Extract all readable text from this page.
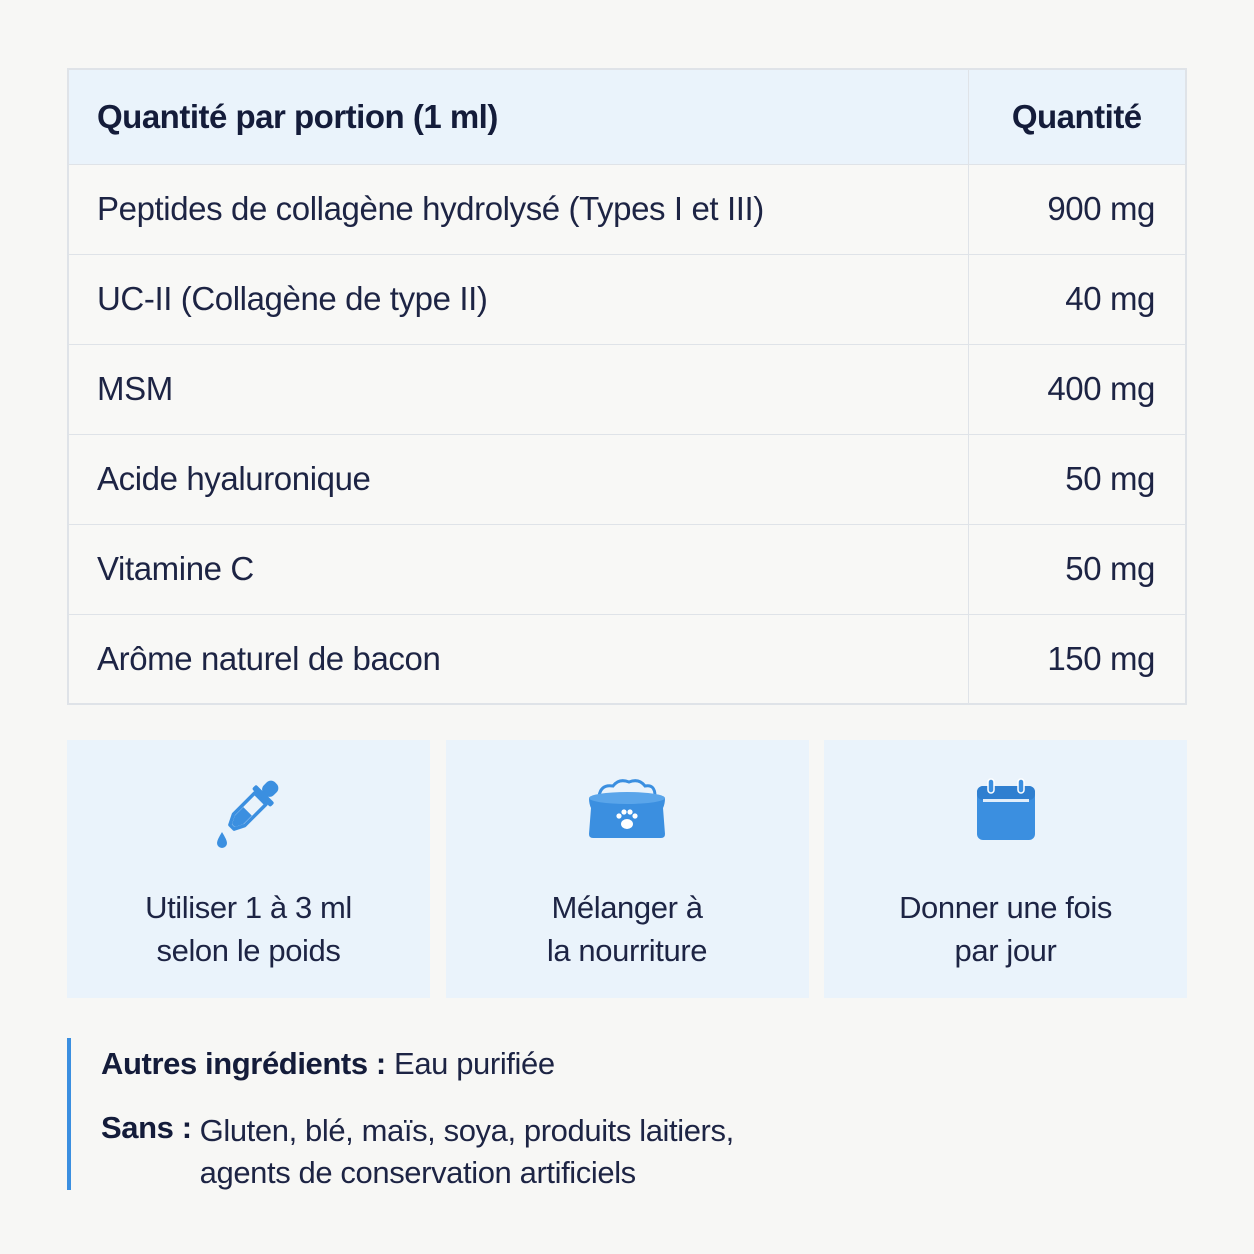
Quantité par portion (1 ml)	Quantité
Peptides de collagène hydrolysé (Types I et III)	900 mg
UC-II (Collagène de type II)	40 mg
MSM	400 mg
Acide hyaluronique	50 mg
Vitamine C	50 mg
Arôme naturel de bacon	150 mg
Utiliser 1 à 3 ml
selon le poids
Mélanger à
la nourriture
Donner une fois
par jour
Autres ingrédients : Eau purifiée
Sans : Gluten, blé, maïs, soya, produits laitiers,
agents de conservation artificiels
